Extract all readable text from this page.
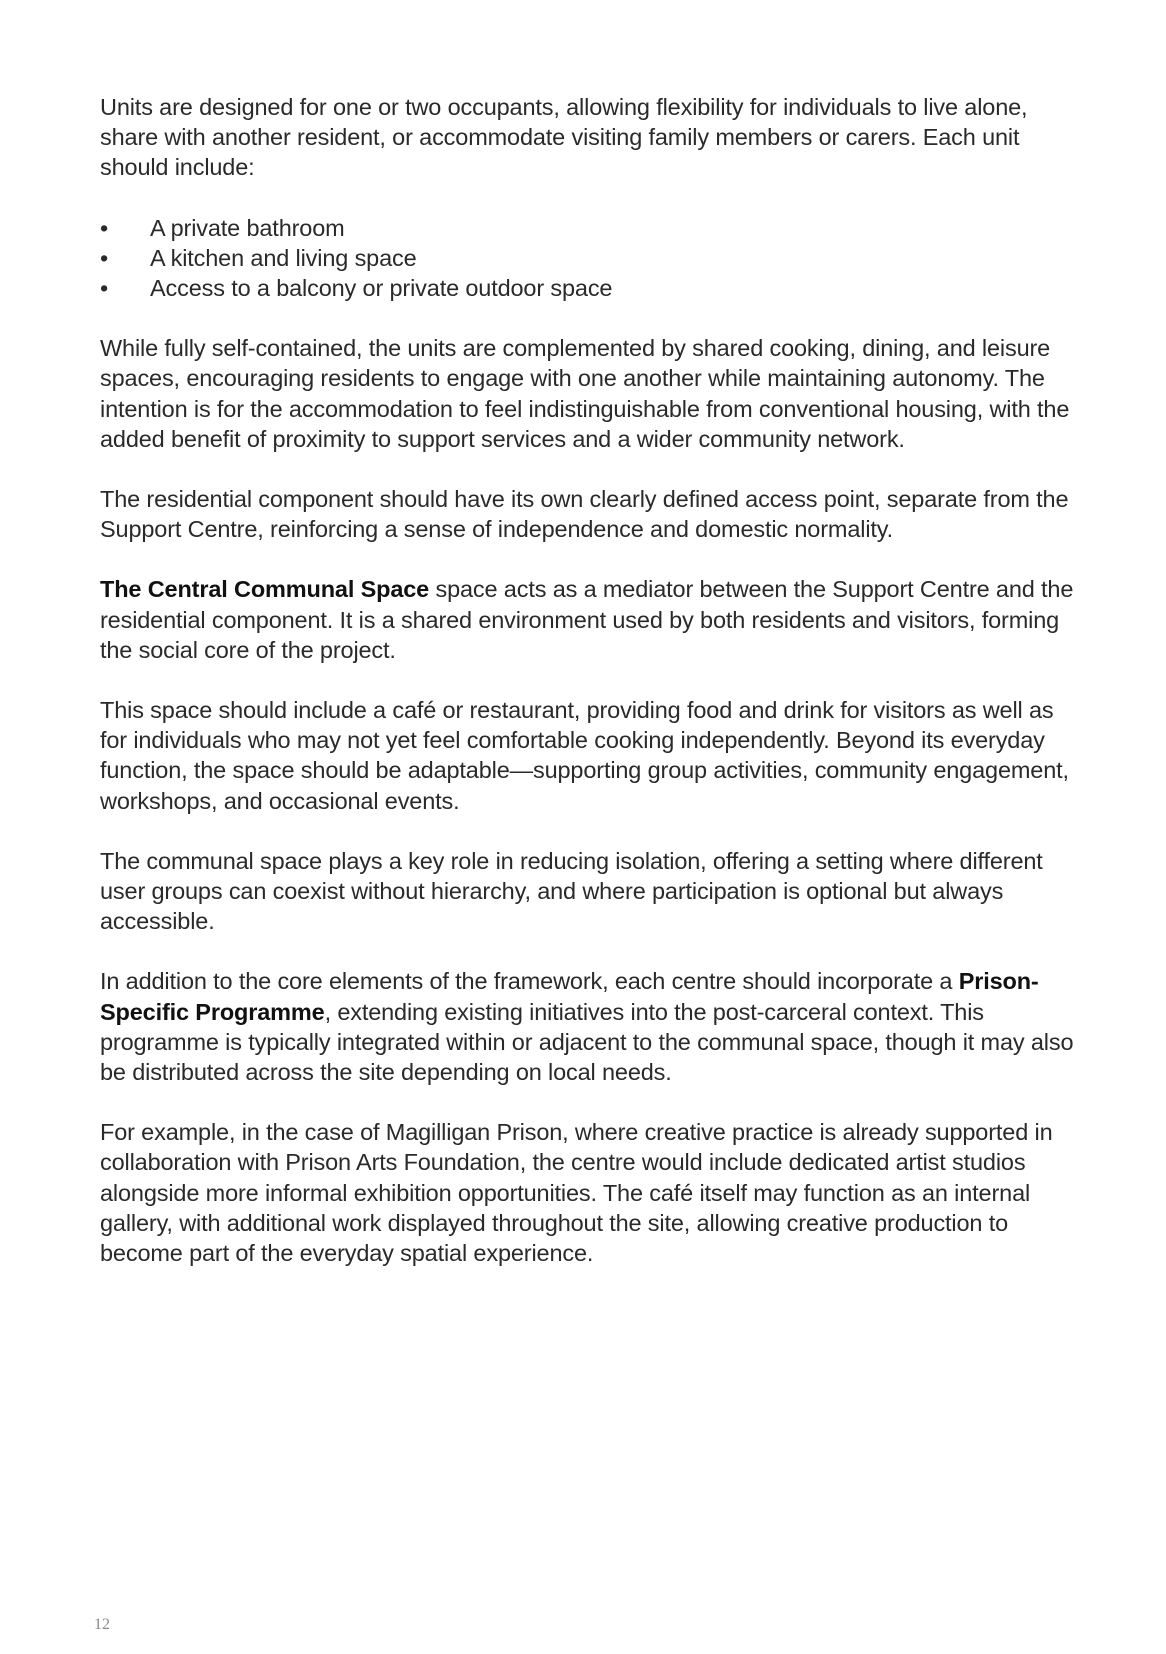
Units are designed for one or two occupants, allowing flexibility for individuals to live alone, share with another resident, or accommodate visiting family members or carers. Each unit should include:

•	A private bathroom
•	A kitchen and living space
•	Access to a balcony or private outdoor space

While fully self-contained, the units are complemented by shared cooking, dining, and leisure spaces, encouraging residents to engage with one another while maintaining autonomy. The intention is for the accommodation to feel indistinguishable from conventional housing, with the added benefit of proximity to support services and a wider community network.

The residential component should have its own clearly defined access point, separate from the Support Centre, reinforcing a sense of independence and domestic normality.

The Central Communal Space space acts as a mediator between the Support Centre and the residential component. It is a shared environment used by both residents and visitors, forming the social core of the project.

This space should include a café or restaurant, providing food and drink for visitors as well as for individuals who may not yet feel comfortable cooking independently. Beyond its everyday function, the space should be adaptable—supporting group activities, community engagement, workshops, and occasional events.

The communal space plays a key role in reducing isolation, offering a setting where different user groups can coexist without hierarchy, and where participation is optional but always accessible.

In addition to the core elements of the framework, each centre should incorporate a Prison-Specific Programme, extending existing initiatives into the post-carceral context. This programme is typically integrated within or adjacent to the communal space, though it may also be distributed across the site depending on local needs.

For example, in the case of Magilligan Prison, where creative practice is already supported in collaboration with Prison Arts Foundation, the centre would include dedicated artist studios alongside more informal exhibition opportunities. The café itself may function as an internal gallery, with additional work displayed throughout the site, allowing creative production to become part of the everyday spatial experience.

12
